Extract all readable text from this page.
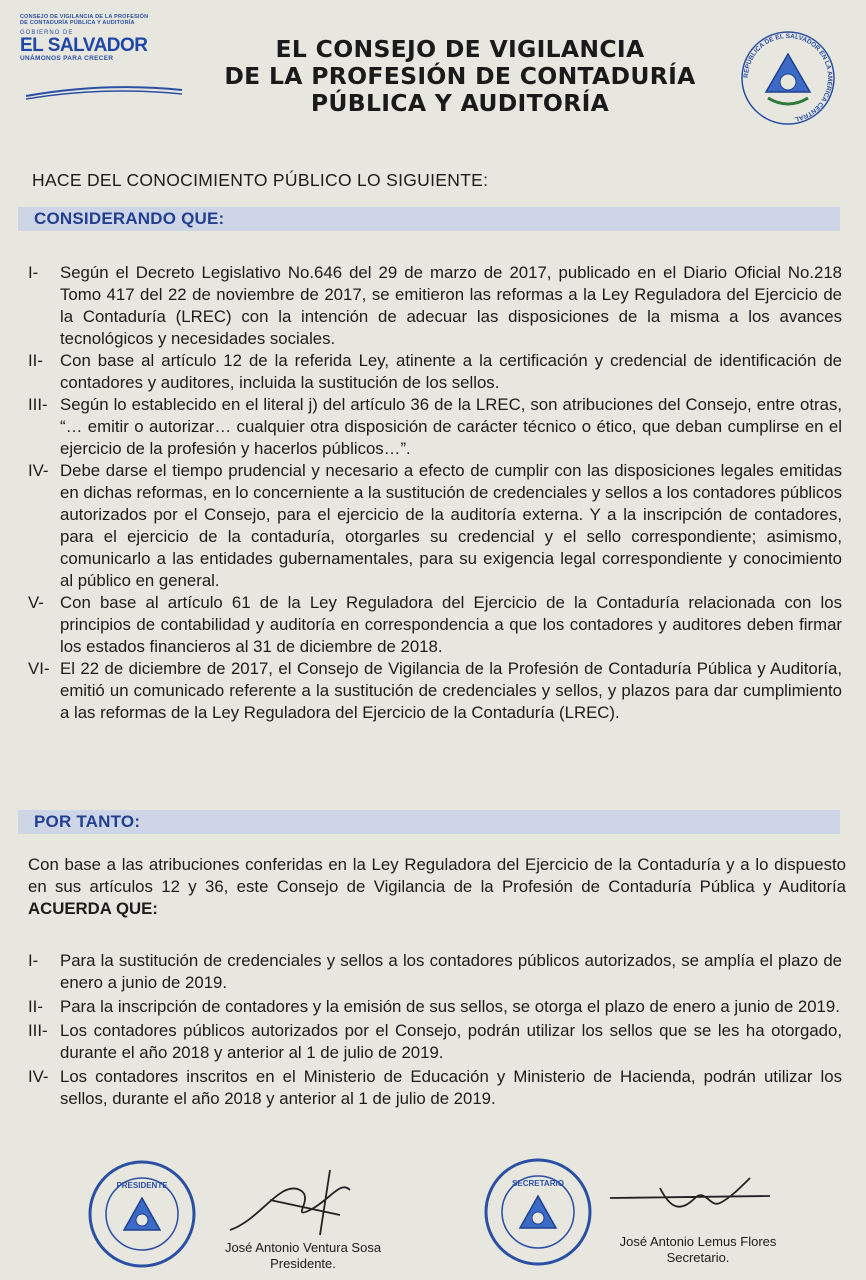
CONSEJO DE VIGILANCIA DE LA PROFESIÓN
DE CONTADURÍA PÚBLICA Y AUDITORÍA
GOBIERNO DE
EL SALVADOR
UNÁMONOS PARA CRECER	EL CONSEJO DE VIGILANCIA
DE LA PROFESIÓN DE CONTADURÍA
PÚBLICA Y AUDITORÍA
REPÚBLICA DE EL SALVADOR EN LA AMÉRICA CENTRAL
HACE DEL CONOCIMIENTO PÚBLICO LO SIGUIENTE:
CONSIDERANDO QUE:
I- Según el Decreto Legislativo No.646 del 29 de marzo de 2017, publicado en el Diario Oficial No.218 Tomo 417 del 22 de noviembre de 2017, se emitieron las reformas a la Ley Reguladora del Ejercicio de la Contaduría (LREC) con la intención de adecuar las disposiciones de la misma a los avances tecnológicos y necesidades sociales.
II- Con base al artículo 12 de la referida Ley, atinente a la certificación y credencial de identificación de contadores y auditores, incluida la sustitución de los sellos.
III- Según lo establecido en el literal j) del artículo 36 de la LREC, son atribuciones del Consejo, entre otras, “… emitir o autorizar… cualquier otra disposición de carácter técnico o ético, que deban cumplirse en el ejercicio de la profesión y hacerlos públicos…”.
IV- Debe darse el tiempo prudencial y necesario a efecto de cumplir con las disposiciones legales emitidas en dichas reformas, en lo concerniente a la sustitución de credenciales y sellos a los contadores públicos autorizados por el Consejo, para el ejercicio de la auditoría externa. Y a la inscripción de contadores, para el ejercicio de la contaduría, otorgarles su credencial y el sello correspondiente; asimismo, comunicarlo a las entidades gubernamentales, para su exigencia legal correspondiente y conocimiento al público en general.
V- Con base al artículo 61 de la Ley Reguladora del Ejercicio de la Contaduría relacionada con los principios de contabilidad y auditoría en correspondencia a que los contadores y auditores deben firmar los estados financieros al 31 de diciembre de 2018.
VI- El 22 de diciembre de 2017, el Consejo de Vigilancia de la Profesión de Contaduría Pública y Auditoría, emitió un comunicado referente a la sustitución de credenciales y sellos, y plazos para dar cumplimiento a las reformas de la Ley Reguladora del Ejercicio de la Contaduría (LREC).
POR TANTO:
Con base a las atribuciones conferidas en la Ley Reguladora del Ejercicio de la Contaduría y a lo dispuesto en sus artículos 12 y 36, este Consejo de Vigilancia de la Profesión de Contaduría Pública y Auditoría ACUERDA QUE:
I- Para la sustitución de credenciales y sellos a los contadores públicos autorizados, se amplía el plazo de enero a junio de 2019.
II- Para la inscripción de contadores y la emisión de sus sellos, se otorga el plazo de enero a junio de 2019.
III- Los contadores públicos autorizados por el Consejo, podrán utilizar los sellos que se les ha otorgado, durante el año 2018 y anterior al 1 de julio de 2019.
IV- Los contadores inscritos en el Ministerio de Educación y Ministerio de Hacienda, podrán utilizar los sellos, durante el año 2018 y anterior al 1 de julio de 2019.
PRESIDENTE
José Antonio Ventura Sosa
Presidente.
SECRETARIO
José Antonio Lemus Flores
Secretario.
